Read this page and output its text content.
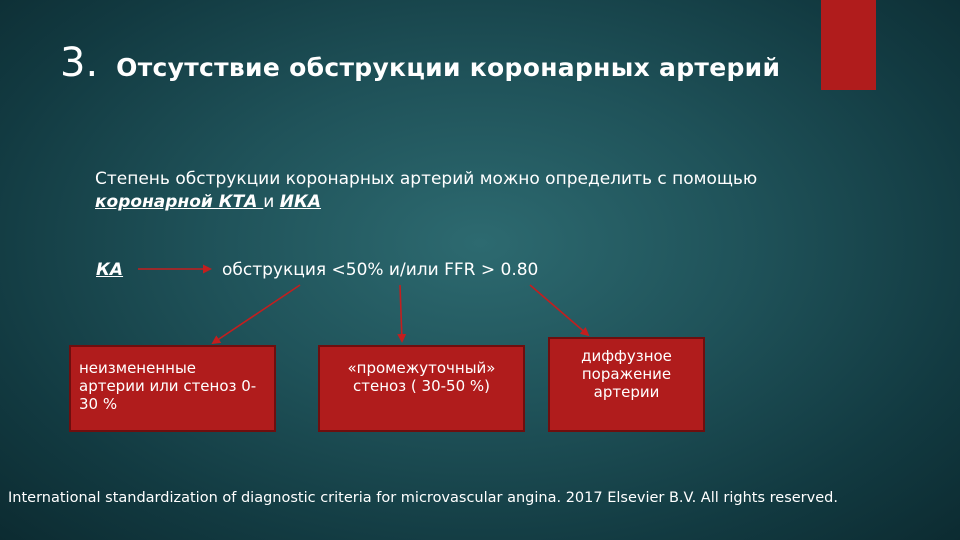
3. Отсутствие обструкции коронарных артерий
Степень обструкции коронарных артерий можно определить с помощью коронарной КТА и ИКА
КА	обструкция <50% и/или FFR > 0.80
неизмененные артерии или стеноз 0-30 %
«промежуточный» стеноз ( 30-50 %)
диффузное поражение артерии
International standardization of diagnostic criteria for microvascular angina. 2017 Elsevier B.V. All rights reserved.
